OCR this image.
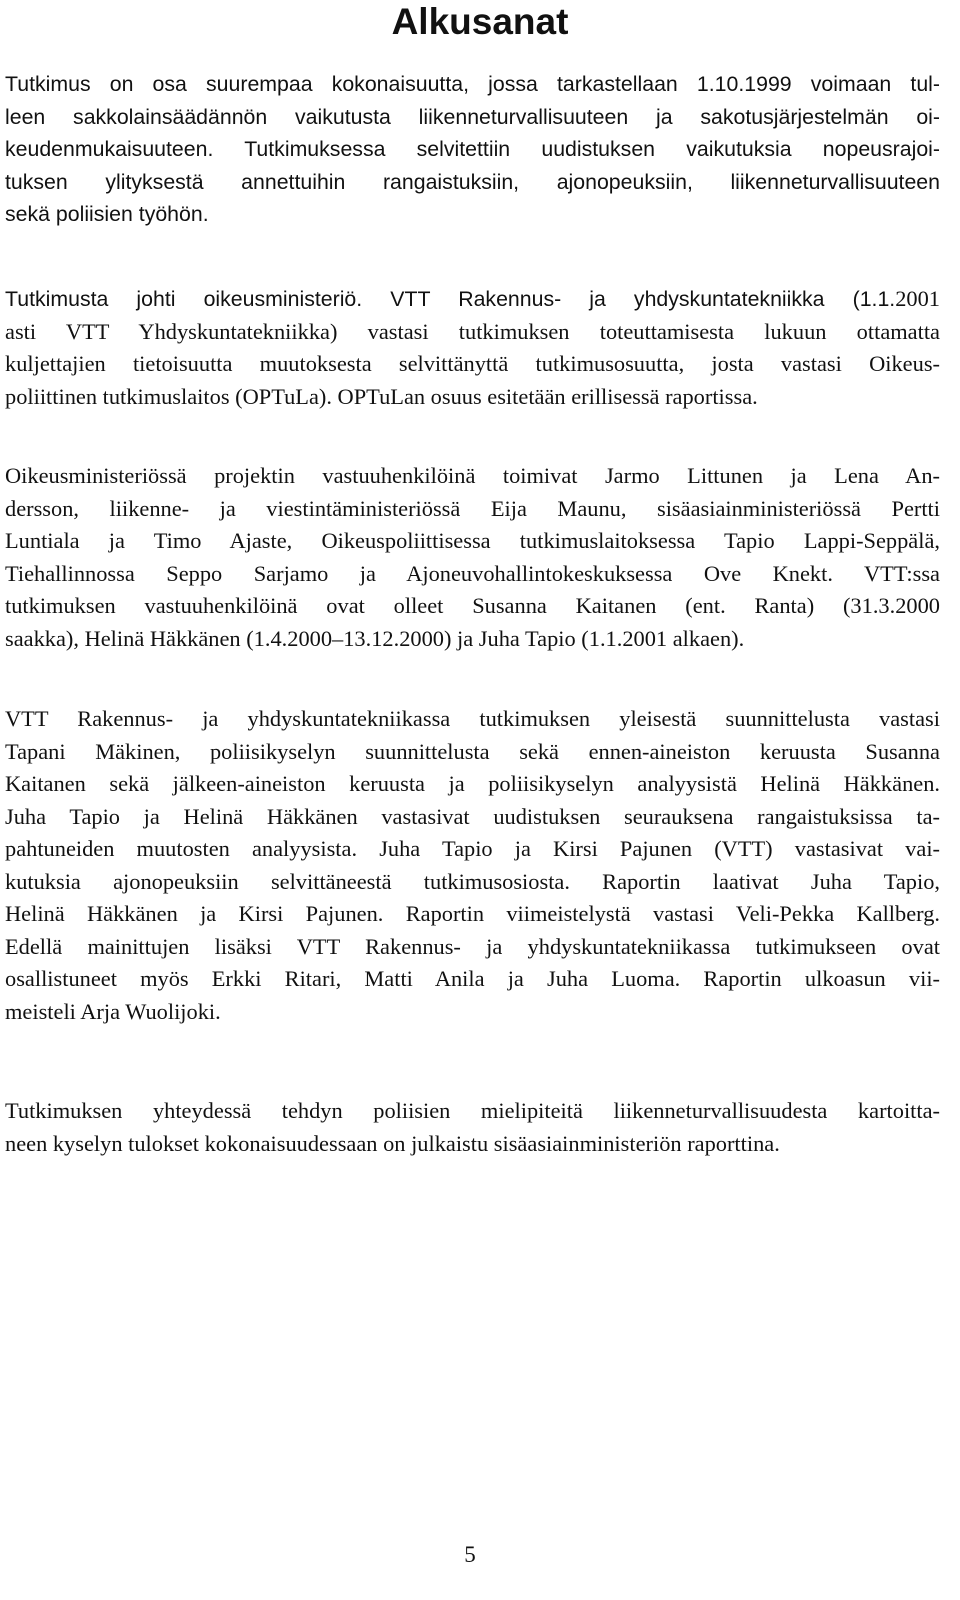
Alkusanat

Tutkimus on osa suurempaa kokonaisuutta, jossa tarkastellaan 1.10.1999 voimaan tul-
leen sakkolainsäädännön vaikutusta liikenneturvallisuuteen ja sakotusjärjestelmän oi-
keudenmukaisuuteen. Tutkimuksessa selvitettiin uudistuksen vaikutuksia nopeusrajoi-
tuksen ylityksestä annettuihin rangaistuksiin, ajonopeuksiin, liikenneturvallisuuteen
sekä poliisien työhön.

Tutkimusta johti oikeusministeriö. VTT Rakennus- ja yhdyskuntatekniikka (1.1.2001
asti VTT Yhdyskuntatekniikka) vastasi tutkimuksen toteuttamisesta lukuun ottamatta
kuljettajien tietoisuutta muutoksesta selvittänyttä tutkimusosuutta, josta vastasi Oikeus-
poliittinen tutkimuslaitos (OPTuLa). OPTuLan osuus esitetään erillisessä raportissa.

Oikeusministeriössä projektin vastuuhenkilöinä toimivat Jarmo Littunen ja Lena An-
dersson, liikenne- ja viestintäministeriössä Eija Maunu, sisäasiainministeriössä Pertti
Luntiala ja Timo Ajaste, Oikeuspoliittisessa tutkimuslaitoksessa Tapio Lappi-Seppälä,
Tiehallinnossa Seppo Sarjamo ja Ajoneuvohallintokeskuksessa Ove Knekt. VTT:ssa
tutkimuksen vastuuhenkilöinä ovat olleet Susanna Kaitanen (ent. Ranta) (31.3.2000
saakka), Helinä Häkkänen (1.4.2000–13.12.2000) ja Juha Tapio (1.1.2001 alkaen).

VTT Rakennus- ja yhdyskuntatekniikassa tutkimuksen yleisestä suunnittelusta vastasi
Tapani Mäkinen, poliisikyselyn suunnittelusta sekä ennen-aineiston keruusta Susanna
Kaitanen sekä jälkeen-aineiston keruusta ja poliisikyselyn analyysistä Helinä Häkkänen.
Juha Tapio ja Helinä Häkkänen vastasivat uudistuksen seurauksena rangaistuksissa ta-
pahtuneiden muutosten analyysista. Juha Tapio ja Kirsi Pajunen (VTT) vastasivat vai-
kutuksia ajonopeuksiin selvittäneestä tutkimusosiosta. Raportin laativat Juha Tapio,
Helinä Häkkänen ja Kirsi Pajunen. Raportin viimeistelystä vastasi Veli-Pekka Kallberg.
Edellä mainittujen lisäksi VTT Rakennus- ja yhdyskuntatekniikassa tutkimukseen ovat
osallistuneet myös Erkki Ritari, Matti Anila ja Juha Luoma. Raportin ulkoasun vii-
meisteli Arja Wuolijoki.

Tutkimuksen yhteydessä tehdyn poliisien mielipiteitä liikenneturvallisuudesta kartoitta-
neen kyselyn tulokset kokonaisuudessaan on julkaistu sisäasiainministeriön raporttina.

5
